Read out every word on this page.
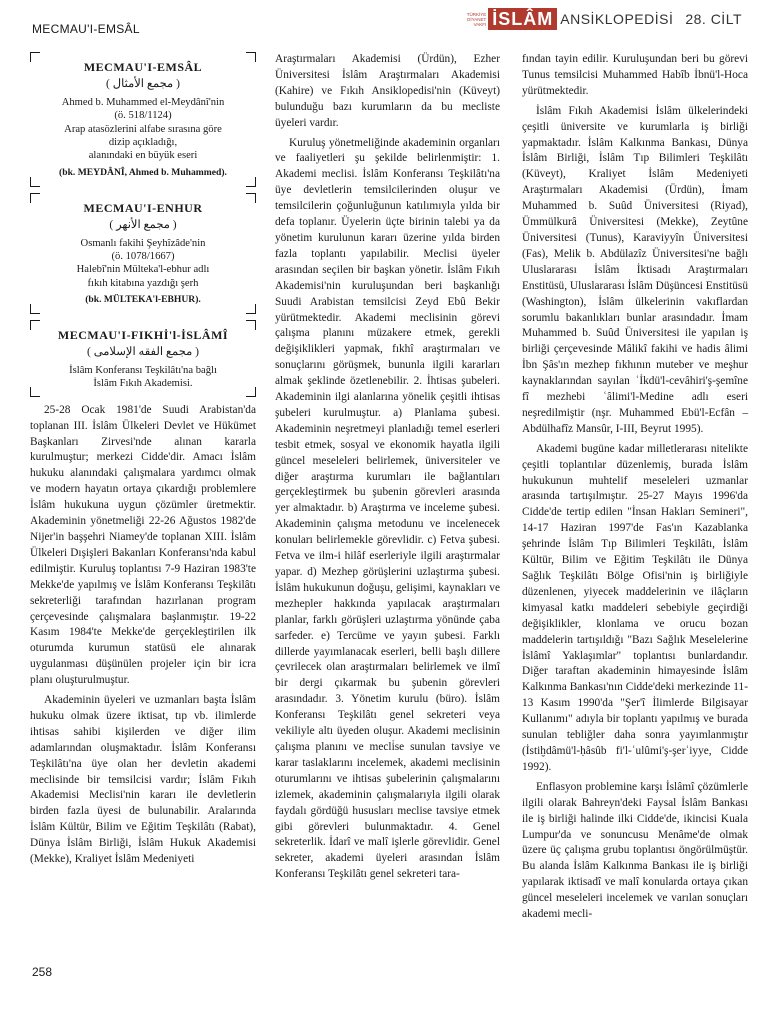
MECMAU'I-EMSÂL
TÜRKİYE
DİYANET
VAKFI İSLÂM ANSİKLOPEDİSİ 28. CİLT
MECMAU'I-EMSÂL
( مجمع الأمثال )
Ahmed b. Muhammed el-Meydânî'nin
(ö. 518/1124)
Arap atasözlerini alfabe sırasına göre
dizip açıkladığı,
alanındaki en büyük eseri
(bk. MEYDÂNÎ, Ahmed b. Muhammed).
MECMAU'I-ENHUR
( مجمع الأنهر )
Osmanlı fakihi Şeyhîzâde'nin
(ö. 1078/1667)
Halebî'nin Mülteka'l-ebhur adlı
fıkıh kitabına yazdığı şerh
(bk. MÜLTEKA'l-EBHUR).
MECMAU'I-FIKHİ'l-İSLÂMÎ
( مجمع الفقه الإسلامى )
İslâm Konferansı Teşkilâtı'na bağlı
İslâm Fıkıh Akademisi.

25-28 Ocak 1981'de Suudi Arabistan'da toplanan III. İslâm Ülkeleri Devlet ve Hükümet Başkanları Zirvesi'nde alınan kararla kurulmuştur; merkezi Cidde'dir. Amacı İslâm hukuku alanındaki çalışmalara yardımcı olmak ve modern hayatın ortaya çıkardığı problemlere İslâm hukukuna uygun çözümler üretmektir. Akademinin yönetmeliği 22-26 Ağustos 1982'de Nijer'in başşehri Niamey'de toplanan XIII. İslâm Ülkeleri Dışişleri Bakanları Konferansı'nda kabul edilmiştir. Kuruluş toplantısı 7-9 Haziran 1983'te Mekke'de yapılmış ve İslâm Konferansı Teşkilâtı sekreterliği tarafından hazırlanan program çerçevesinde çalışmalara başlanmıştır. 19-22 Kasım 1984'te Mekke'de gerçekleştirilen ilk oturumda kurumun statüsü ele alınarak uygulanması düşünülen projeler için bir icra planı oluşturulmuştur.

Akademinin üyeleri ve uzmanları başta İslâm hukuku olmak üzere iktisat, tıp vb. ilimlerde ihtisas sahibi kişilerden ve diğer ilim adamlarından oluşmaktadır. İslâm Konferansı Teşkilâtı'na üye olan her devletin akademi meclisinde bir temsilcisi vardır; İslâm Fıkıh Akademisi Meclisi'nin kararı ile devletlerin birden fazla üyesi de bulunabilir. Aralarında İslâm Kültür, Bilim ve Eğitim Teşkilâtı (Rabat), Dünya İslâm Birliği, İslâm Hukuk Akademisi (Mekke), Kraliyet İslâm Medeniyeti

Araştırmaları Akademisi (Ürdün), Ezher Üniversitesi İslâm Araştırmaları Akademisi (Kahire) ve Fıkıh Ansiklopedisi'nin (Küveyt) bulunduğu bazı kurumların da bu mecliste üyeleri vardır.

Kuruluş yönetmeliğinde akademinin organları ve faaliyetleri şu şekilde belirlenmiştir: 1. Akademi meclisi. İslâm Konferansı Teşkilâtı'na üye devletlerin temsilcilerinden oluşur ve temsilcilerin çoğunluğunun katılımıyla yılda bir defa toplanır. Üyelerin üçte birinin talebi ya da yönetim kurulunun kararı üzerine yılda birden fazla toplantı yapılabilir. Meclisi üyeler arasından seçilen bir başkan yönetir. İslâm Fıkıh Akademisi'nin kuruluşundan beri başkanlığı Suudi Arabistan temsilcisi Zeyd Ebû Bekir yürütmektedir. Akademi meclisinin görevi çalışma planını müzakere etmek, gerekli değişiklikleri yapmak, fıkhî araştırmaları ve sonuçlarını görüşmek, bununla ilgili kararları almak şeklinde özetlenebilir. 2. İhtisas şubeleri. Akademinin ilgi alanlarına yönelik çeşitli ihtisas şubeleri kurulmuştur. a) Planlama şubesi. Akademinin neşretmeyi planladığı temel eserleri tesbit etmek, sosyal ve ekonomik hayatla ilgili güncel meseleleri belirlemek, üniversiteler ve diğer araştırma kurumları ile bağlantıları gerçekleştirmek bu şubenin görevleri arasında yer almaktadır. b) Araştırma ve inceleme şubesi. Akademinin çalışma metodunu ve incelenecek konuları belirlemekle görevlidir. c) Fetva şubesi. Fetva ve ilm-i hilâf eserleriyle ilgili araştırmalar yapar. d) Mezhep görüşlerini uzlaştırma şubesi. İslâm hukukunun doğuşu, gelişimi, kaynakları ve mezhepler hakkında yapılacak araştırmaları planlar, farklı görüşleri uzlaştırma yönünde çaba sarfeder. e) Tercüme ve yayın şubesi. Farklı dillerde yayımlanacak eserleri, belli başlı dillere çevrilecek olan araştırmaları belirlemek ve ilmî bir dergi çıkarmak bu şubenin görevleri arasındadır. 3. Yönetim kurulu (büro). İslâm Konferansı Teşkilâtı genel sekreteri veya vekiliyle altı üyeden oluşur. Akademi meclisinin çalışma planını ve mecli̇se sunulan tavsiye ve karar taslaklarını incelemek, akademi meclisinin oturumlarını ve ihtisas şubelerinin çalışmalarını izlemek, akademinin çalışmalarıyla ilgili olarak faydalı gördüğü hususları meclise tavsiye etmek gibi görevleri bulunmaktadır. 4. Genel sekreterlik. İdarî ve malî işlerle görevlidir. Genel sekreter, akademi üyeleri arasından İslâm Konferansı Teşkilâtı genel sekreteri tara-

fından tayin edilir. Kuruluşundan beri bu görevi Tunus temsilcisi Muhammed Habîb İbnü'l-Hoca yürütmektedir.

İslâm Fıkıh Akademisi İslâm ülkelerindeki çeşitli üniversite ve kurumlarla iş birliği yapmaktadır. İslâm Kalkınma Bankası, Dünya İslâm Birliği, İslâm Tıp Bilimleri Teşkilâtı (Küveyt), Kraliyet İslâm Medeniyeti Araştırmaları Akademisi (Ürdün), İmam Muhammed b. Suûd Üniversitesi (Riyad), Ümmülkurâ Üniversitesi (Mekke), Zeytûne Üniversitesi (Tunus), Karaviyyîn Üniversitesi (Fas), Melik b. Abdülazîz Üniversitesi'ne bağlı Uluslararası İslâm İktisadı Araştırmaları Enstitüsü, Uluslararası İslâm Düşüncesi Enstitüsü (Washington), İslâm ülkelerinin vakıflardan sorumlu bakanlıkları bunlar arasındadır. İmam Muhammed b. Suûd Üniversitesi ile yapılan iş birliği çerçevesinde Mâlikî fakihi ve hadis âlimi İbn Şâs'ın mezhep fıkhının muteber ve meşhur kaynaklarından sayılan ʿİkdü'l-cevâhiri'ş-şemîne fî mezhebi ʿâlimi'l-Medine adlı eseri neşredilmiştir (nşr. Muhammed Ebü'l-Ecfân – Abdülhafîz Mansûr, I-III, Beyrut 1995).

Akademi bugüne kadar milletlerarası nitelikte çeşitli toplantılar düzenlemiş, burada İslâm hukukunun muhtelif meseleleri uzmanlar arasında tartışılmıştır. 25-27 Mayıs 1996'da Cidde'de tertip edilen "İnsan Hakları Semineri", 14-17 Haziran 1997'de Fas'ın Kazablanka şehrinde İslâm Tıp Bilimleri Teşkilâtı, İslâm Kültür, Bilim ve Eğitim Teşkilâtı ile Dünya Sağlık Teşkilâtı Bölge Ofisi'nin iş birliğiyle düzenlenen, yiyecek maddelerinin ve ilâçların kimyasal katkı maddeleri sebebiyle geçirdiği değişiklikler, klonlama ve orucu bozan maddelerin tartışıldığı "Bazı Sağlık Meselelerine İslâmî Yaklaşımlar" toplantısı bunlardandır. Diğer taraftan akademinin himayesinde İslâm Kalkınma Bankası'nın Cidde'deki merkezinde 11-13 Kasım 1990'da "Şer'î İlimlerde Bilgisayar Kullanımı" adıyla bir toplantı yapılmış ve burada sunulan tebliğler daha sonra yayımlanmıştır (İstiḫdâmü'l-ḥâsûb fi'l-ʿulûmi'ş-şerʿiyye, Cidde 1992).

Enflasyon problemine karşı İslâmî çözümlerle ilgili olarak Bahreyn'deki Faysal İslâm Bankası ile iş birliği halinde ilki Cidde'de, ikincisi Kuala Lumpur'da ve sonuncusu Menâme'de olmak üzere üç çalışma grubu toplantısı öngörülmüştür. Bu alanda İslâm Kalkınma Bankası ile iş birliği yapılarak iktisadî ve malî konularda ortaya çıkan güncel meseleleri incelemek ve varılan sonuçları akademi mecli-

258
